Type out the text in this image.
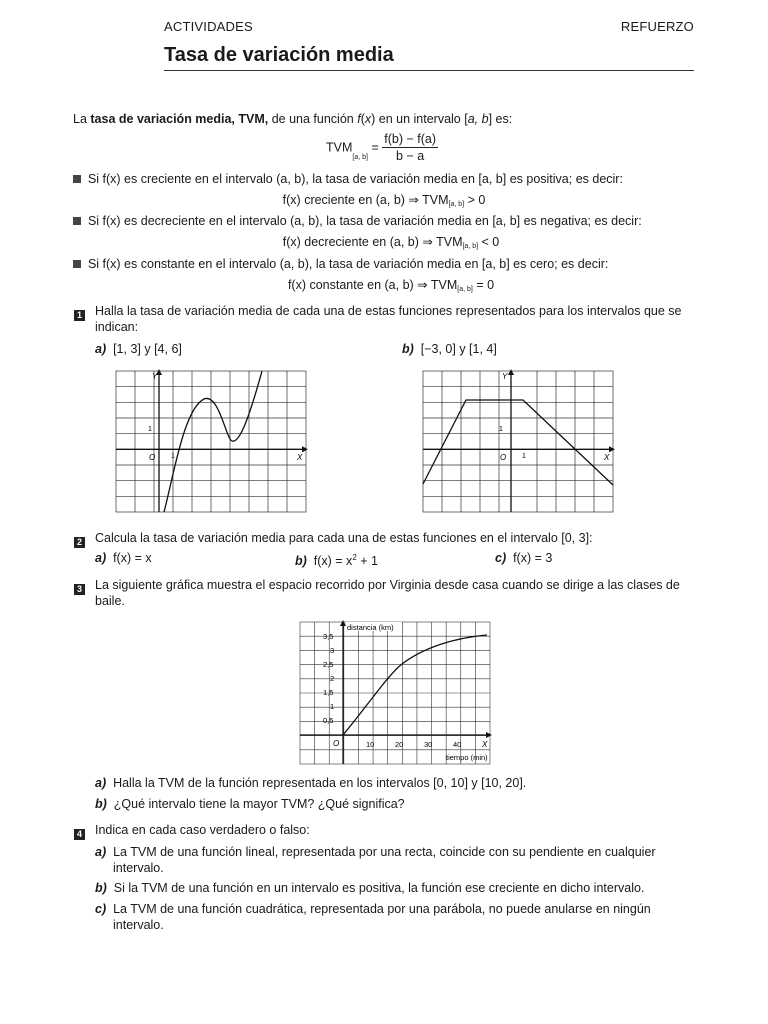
ACTIVIDADES	REFUERZO
Tasa de variación media
La tasa de variación media, TVM, de una función f(x) en un intervalo [a, b] es:
$TVM_{[a, b]} = \frac{f(b) - f(a)}{b - a}$
Si f(x) es creciente en el intervalo (a, b), la tasa de variación media en [a, b] es positiva; es decir:
f(x) creciente en (a, b) ⇒ $TVM_{[a, b]} > 0$
Si f(x) es decreciente en el intervalo (a, b), la tasa de variación media en [a, b] es negativa; es decir:
f(x) decreciente en (a, b) ⇒ $TVM_{[a, b]} < 0$
Si f(x) es constante en el intervalo (a, b), la tasa de variación media en [a, b] es cero; es decir:
f(x) constante en (a, b) ⇒ $TVM_{[a, b]} = 0$
1 Halla la tasa de variación media de cada una de estas funciones representados para los intervalos que se
indican:
a) [1, 3] y [4, 6]	b) [−3, 0] y [1, 4]
Y
X
O
1
1
Y
X
O
1
1
2 Calcula la tasa de variación media para cada una de estas funciones en el intervalo [0, 3]:
a) f(x) = x	b) $f(x) = x^2 + 1$	c) f(x) = 3
3 La siguiente gráfica muestra el espacio recorrido por Virginia desde casa cuando se dirige a las clases de
baile.
distancia (km)
tiempo (min)
X
O	10	20	30	40
0,5
1
1,5
2
2,5
3
3,5
a) Halla la TVM de la función representada en los intervalos [0, 10] y [10, 20].
b) ¿Qué intervalo tiene la mayor TVM? ¿Qué significa?
4 Indica en cada caso verdadero o falso:
a) La TVM de una función lineal, representada por una recta, coincide con su pendiente en cualquier
intervalo.
b) Si la TVM de una función en un intervalo es positiva, la función ese creciente en dicho intervalo.
c) La TVM de una función cuadrática, representada por una parábola, no puede anularse en ningún
intervalo.
